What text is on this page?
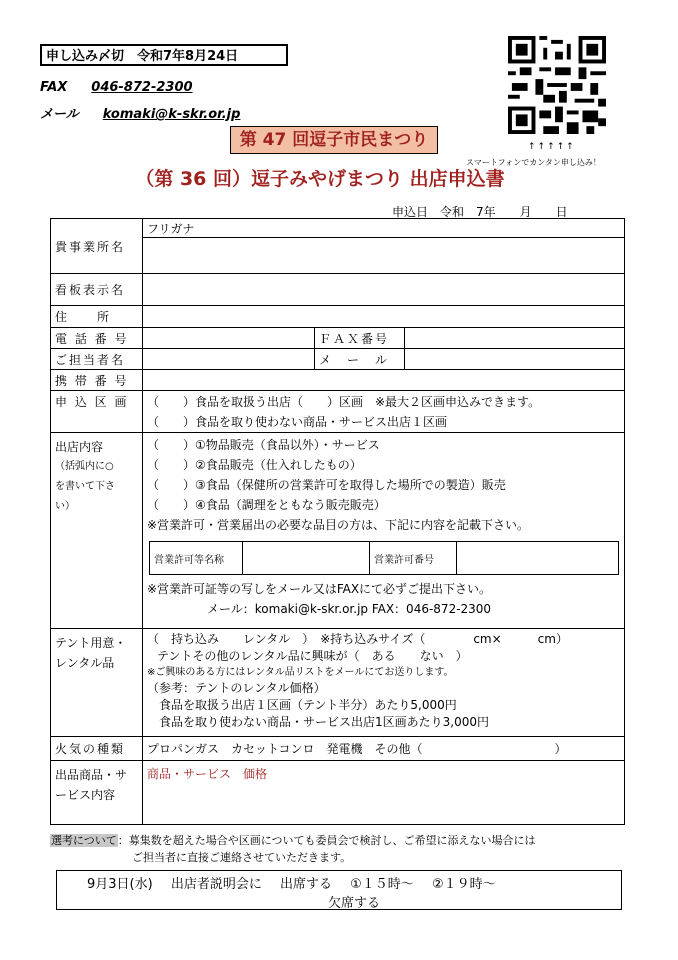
申し込み〆切　令和7年8月24日
FAX 046-872-2300
メール komaki@k-skr.or.jp
↑↑↑↑↑
スマートフォンでカンタン申し込み！
第 47 回逗子市民まつり
（第 36 回）逗子みやげまつり 出店申込書
申込日　令和　7年　　月　　日
貴事業所名	フリガナ

看板表示名	
住　　所	
電 話 番 号		ＦＡＸ番号	
ご担当者名		メ　ー　ル	
携 帯 番 号	
申 込 区 画	（　　）食品を取扱う出店（　　）区画　※最大２区画申込みできます。
（　　）食品を取り使わない商品・サービス出店１区画

出店内容
（括弧内に○
を書いて下さ
い）

（　　）①物品販売（食品以外）・サービス
（　　）②食品販売（仕入れしたもの）
（　　）③食品（保健所の営業許可を取得した場所での製造）販売
（　　）④食品（調理をともなう販売販売）
※営業許可・営業届出の必要な品目の方は、下記に内容を記載下さい。
営業許可等名称		営業許可番号	
※営業許可証等の写しをメール又はFAXにて必ずご提出下さい。
メール：komaki@k-skr.or.jp FAX：046-872-2300

テント用意・
レンタル品

（　持ち込み　　レンタル　）　※持ち込みサイズ（　　　　cm×　　　cm）
テントその他のレンタル品に興味が（　ある　　ない　）
※ご興味のある方にはレンタル品リストをメールにてお送りします。
（参考：テントのレンタル価格）
食品を取扱う出店１区画（テント半分）あたり5,000円
食品を取り使わない商品・サービス出店1区画あたり3,000円

火気の種類	プロパンガス　カセットコンロ　発電機　その他（　　　　　　　　　　　）

出品商品・サ
ービス内容
	商品・サービス　価格
選考について：募集数を超えた場合や区画についても委員会で検討し、ご希望に添えない場合には
ご担当者に直接ご連絡させていただきます。
9月3日(水) 出店者説明会に 出席する ①１５時～ ②１９時～
欠席する
